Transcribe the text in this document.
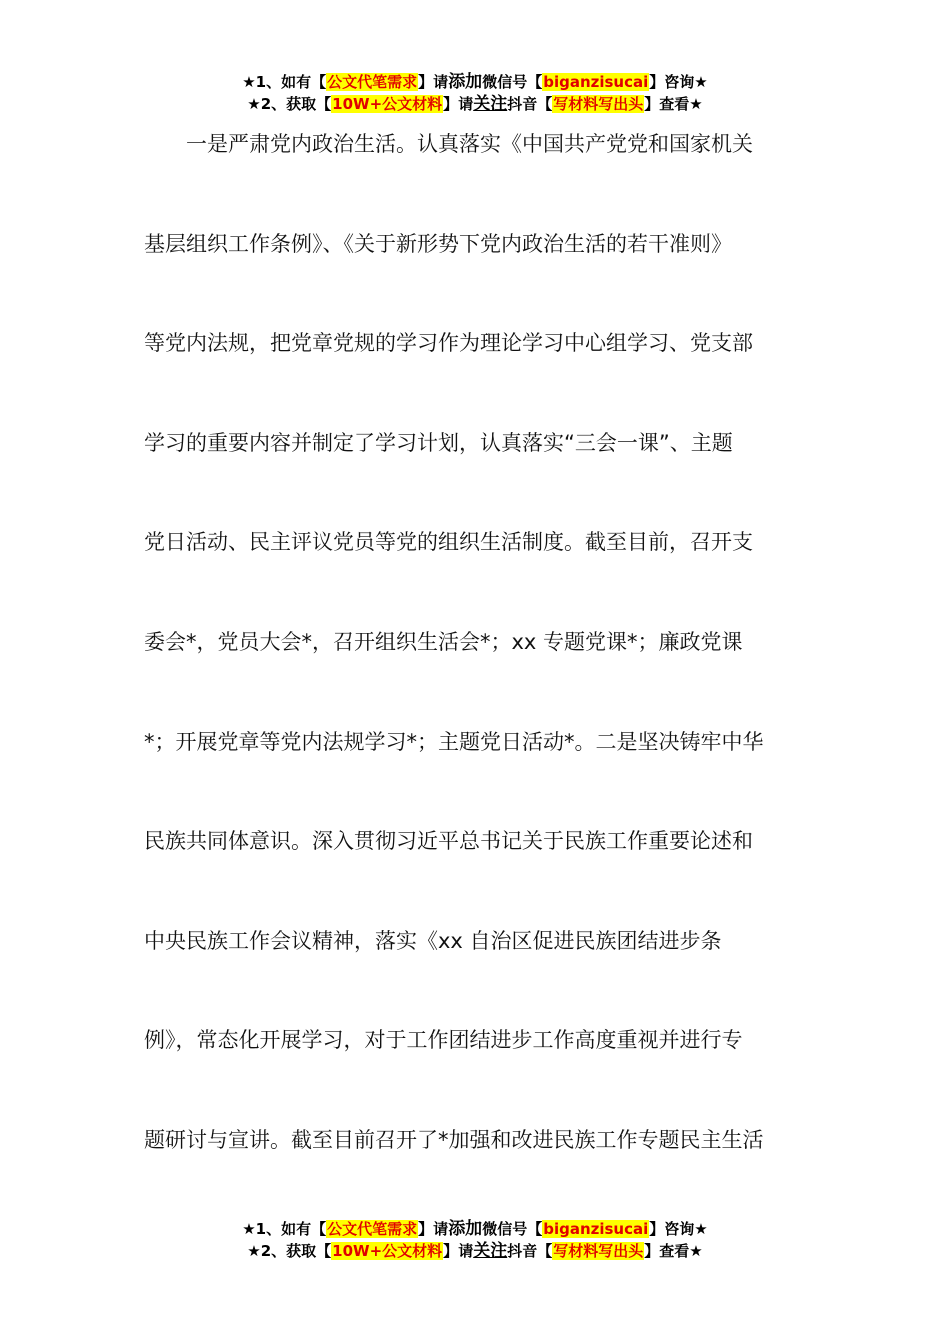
★1、如有【公文代笔需求】请添加微信号【biganzisucai】咨询★
★2、获取【10W+公文材料】请关注抖音【写材料写出头】查看★
一是严肃党内政治生活。认真落实《中国共产党党和国家机关
基层组织工作条例》、《关于新形势下党内政治生活的若干准则》
等党内法规，把党章党规的学习作为理论学习中心组学习、党支部
学习的重要内容并制定了学习计划，认真落实“三会一课”、主题
党日活动、民主评议党员等党的组织生活制度。截至目前，召开支
委会*，党员大会*，召开组织生活会*；xx 专题党课*；廉政党课
*；开展党章等党内法规学习*；主题党日活动*。二是坚决铸牢中华
民族共同体意识。深入贯彻习近平总书记关于民族工作重要论述和
中央民族工作会议精神，落实《xx 自治区促进民族团结进步条
例》，常态化开展学习，对于工作团结进步工作高度重视并进行专
题研讨与宣讲。截至目前召开了*加强和改进民族工作专题民主生活
★1、如有【公文代笔需求】请添加微信号【biganzisucai】咨询★
★2、获取【10W+公文材料】请关注抖音【写材料写出头】查看★
